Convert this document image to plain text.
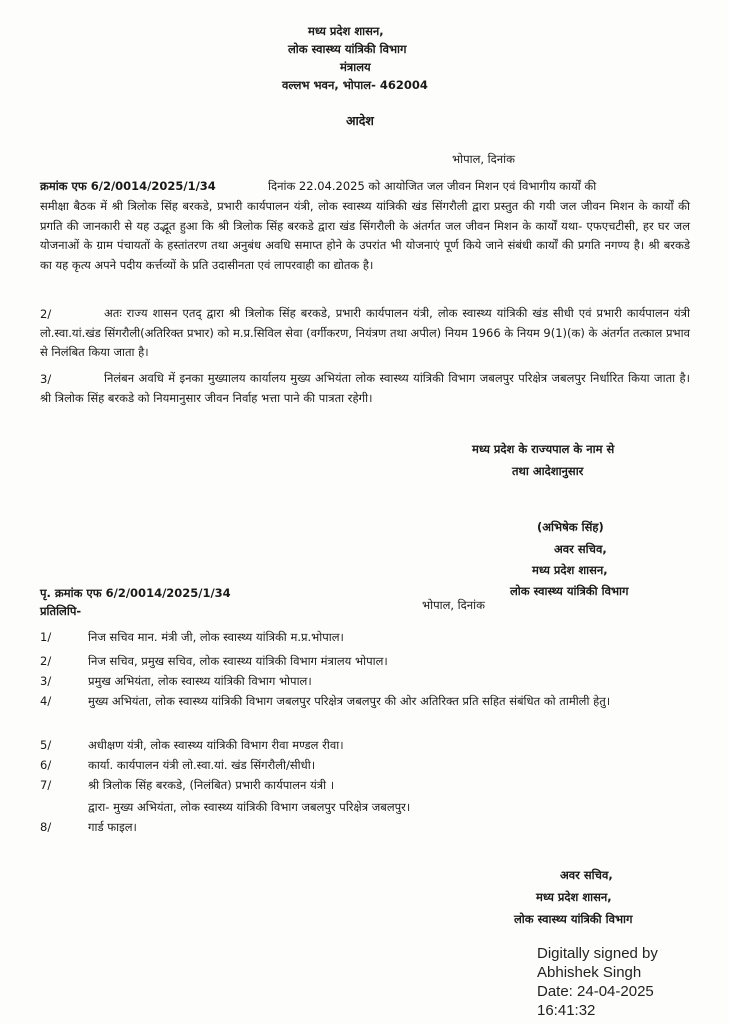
मध्य प्रदेश शासन,
लोक स्वास्थ्य यांत्रिकी विभाग
मंत्रालय
वल्लभ भवन, भोपाल- 462004
आदेश
भोपाल, दिनांक
क्रमांक एफ 6/2/0014/2025/1/34	दिनांक 22.04.2025 को आयोजित जल जीवन मिशन एवं विभागीय कार्यों की
समीक्षा बैठक में श्री त्रिलोक सिंह बरकडे, प्रभारी कार्यपालन यंत्री, लोक स्वास्थ्य यांत्रिकी खंड सिंगरौली द्वारा प्रस्तुत की गयी जल जीवन मिशन के कार्यों की प्रगति की जानकारी से यह उद्भूत हुआ कि श्री त्रिलोक सिंह बरकडे द्वारा खंड सिंगरौली के अंतर्गत जल जीवन मिशन के कार्यों यथा- एफएचटीसी, हर घर जल योजनाओं के ग्राम पंचायतों के हस्तांतरण तथा अनुबंध अवधि समाप्त होने के उपरांत भी योजनाएं पूर्ण किये जाने संबंधी कार्यों की प्रगति नगण्य है। श्री बरकडे का यह कृत्य अपने पदीय कर्त्तव्यों के प्रति उदासीनता एवं लापरवाही का द्योतक है।
2/	अतः राज्य शासन एतद् द्वारा श्री त्रिलोक सिंह बरकडे, प्रभारी कार्यपालन यंत्री, लोक स्वास्थ्य यांत्रिकी खंड सीधी एवं प्रभारी कार्यपालन यंत्री लो.स्वा.यां.खंड सिंगरौली(अतिरिक्त प्रभार) को म.प्र.सिविल सेवा (वर्गीकरण, नियंत्रण तथा अपील) नियम 1966 के नियम 9(1)(क) के अंतर्गत तत्काल प्रभाव से निलंबित किया जाता है।
3/	निलंबन अवधि में इनका मुख्यालय कार्यालय मुख्य अभियंता लोक स्वास्थ्य यांत्रिकी विभाग जबलपुर परिक्षेत्र जबलपुर निर्धारित किया जाता है। श्री त्रिलोक सिंह बरकडे को नियमानुसार जीवन निर्वाह भत्ता पाने की पात्रता रहेगी।
मध्य प्रदेश के राज्यपाल के नाम से
तथा आदेशानुसार
(अभिषेक सिंह)
अवर सचिव,
मध्य प्रदेश शासन,
लोक स्वास्थ्य यांत्रिकी विभाग
पृ. क्रमांक एफ 6/2/0014/2025/1/34
भोपाल, दिनांक
प्रतिलिपि-
1/	निज सचिव मान. मंत्री जी, लोक स्वास्थ्य यांत्रिकी म.प्र.भोपाल।
2/	निज सचिव, प्रमुख सचिव, लोक स्वास्थ्य यांत्रिकी विभाग मंत्रालय भोपाल।
3/	प्रमुख अभियंता, लोक स्वास्थ्य यांत्रिकी विभाग भोपाल।
4/	मुख्य अभियंता, लोक स्वास्थ्य यांत्रिकी विभाग जबलपुर परिक्षेत्र जबलपुर की ओर अतिरिक्त प्रति सहित संबंधित को तामीली हेतु।
5/	अधीक्षण यंत्री, लोक स्वास्थ्य यांत्रिकी विभाग रीवा मण्डल रीवा।
6/	कार्या. कार्यपालन यंत्री लो.स्वा.यां. खंड सिंगरौली/सीधी।
7/	श्री त्रिलोक सिंह बरकडे, (निलंबित) प्रभारी कार्यपालन यंत्री ।
द्वारा- मुख्य अभियंता, लोक स्वास्थ्य यांत्रिकी विभाग जबलपुर परिक्षेत्र जबलपुर।
8/	गार्ड फाइल।
अवर सचिव,
मध्य प्रदेश शासन,
लोक स्वास्थ्य यांत्रिकी विभाग
Digitally signed by
Abhishek Singh
Date: 24-04-2025
16:41:32
